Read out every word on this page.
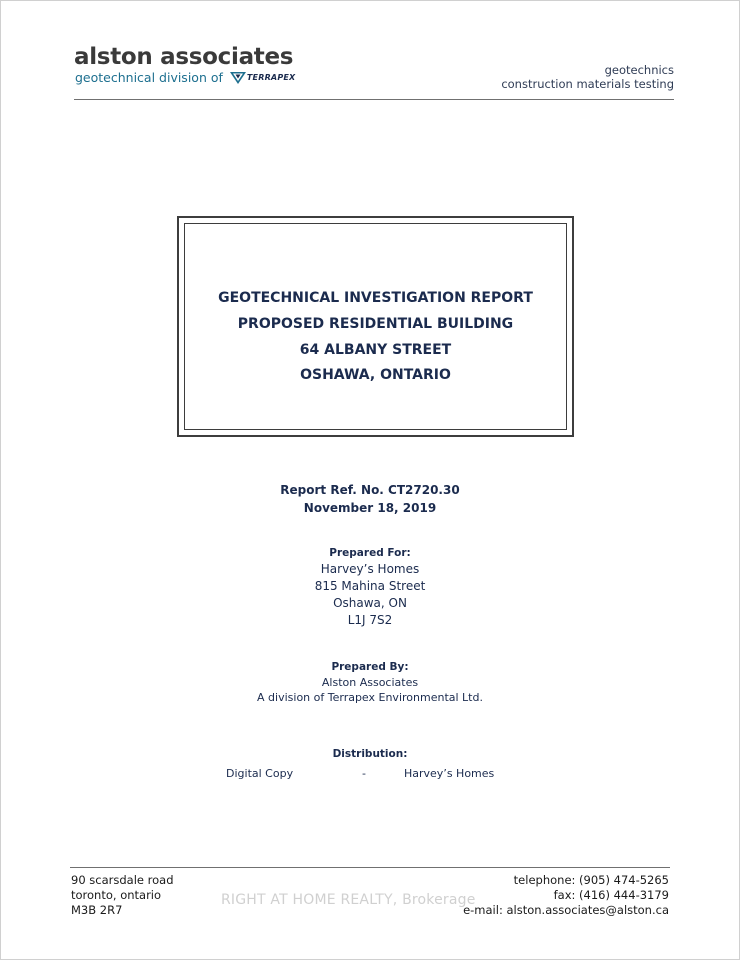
alston associates
geotechnical division of	TERRAPEX
geotechnics
construction materials testing
GEOTECHNICAL INVESTIGATION REPORT
PROPOSED RESIDENTIAL BUILDING
64 ALBANY STREET
OSHAWA, ONTARIO
Report Ref. No. CT2720.30
November 18, 2019
Prepared For:
Harvey’s Homes
815 Mahina Street
Oshawa, ON
L1J 7S2
Prepared By:
Alston Associates
A division of Terrapex Environmental Ltd.
Distribution:
Digital Copy	-	Harvey’s Homes
90 scarsdale road
toronto, ontario
M3B 2R7
telephone: (905) 474-5265
fax: (416) 444-3179
e-mail: alston.associates@alston.ca
RIGHT AT HOME REALTY, Brokerage
